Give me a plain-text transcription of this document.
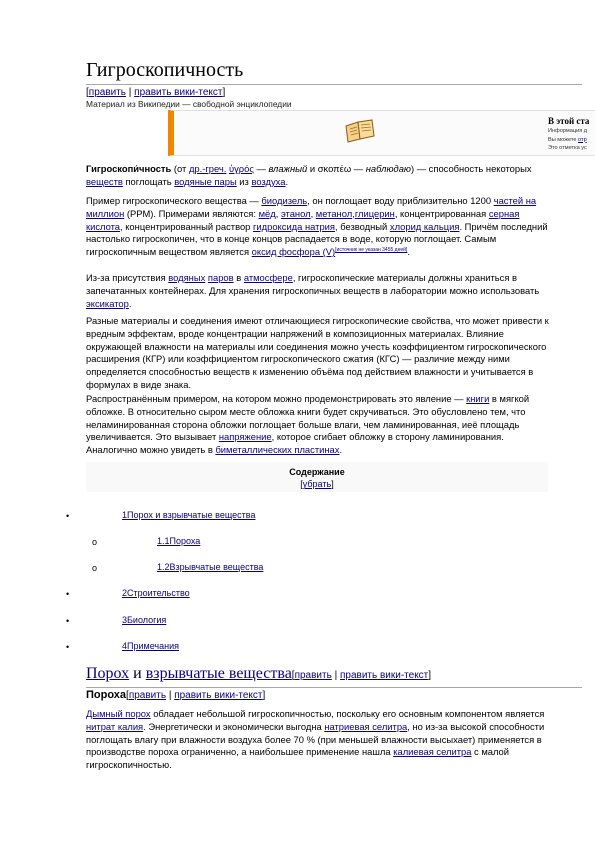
Гигроскопичность
[править | править вики-текст]
Материал из Википедии — свободной энциклопедии
В этой ста
Информация д
Вы можете отр
Это отметка ус

Гигроскопи́чность (от др.-греч. ὑγρός — влажный и σκοπέω — наблюдаю) — способность некоторых веществ поглощать водяные пары из воздуха.

Пример гигроскопического вещества — биодизель, он поглощает воду приблизительно 1200 частей на миллион (PPM). Примерами являются: мёд, этанол, метанол,глицерин, концентрированная серная кислота, концентрированный раствор гидроксида натрия, безводный хлорид кальция. Причём последний настолько гигроскопичен, что в конце концов распадается в воде, которую поглощает. Самым гигроскопичным веществом является оксид фосфора (V)[источник не указан 3455 дней].

Из-за присутствия водяных паров в атмосфере, гигроскопические материалы должны храниться в запечатанных контейнерах. Для хранения гигроскопичных веществ в лаборатории можно использовать эксикатор.

Разные материалы и соединения имеют отличающиеся гигроскопические свойства, что может привести к вредным эффектам, вроде концентрации напряжений в композиционных материалах. Влияние окружающей влажности на материалы или соединения можно учесть коэффициентом гигроскопического расширения (КГР) или коэффициентом гигроскопического сжатия (КГС) — различие между ними определяется способностью веществ к изменению объёма под действием влажности и учитывается в формулах в виде знака.

Распространённым примером, на котором можно продемонстрировать это явление — книги в мягкой обложке. В относительно сыром месте обложка книги будет скручиваться. Это обусловлено тем, что неламинированная сторона обложки поглощает больше влаги, чем ламинированная, иеё площадь увеличивается. Это вызывает напряжение, которое сгибает обложку в сторону ламинирования. Аналогично можно увидеть в биметаллических пластинах.

Содержание
[убрать]
•	1Порох и взрывчатые вещества
o	1.1Пороха
o	1.2Взрывчатые вещества
•	2Строительство
•	3Биология
•	4Примечания
Порох и взрывчатые вещества[править | править вики-текст]
Пороха[править | править вики-текст]

Дымный порох обладает небольшой гигроскопичностью, поскольку его основным компонентом является нитрат калия. Энергетически и экономически выгодна натриевая селитра, но из-за высокой способности поглощать влагу при влажности воздуха более 70 % (при меньшей влажности высыхает) применяется в производстве пороха ограниченно, а наибольшее применение нашла калиевая селитра с малой гигроскопичностью.
